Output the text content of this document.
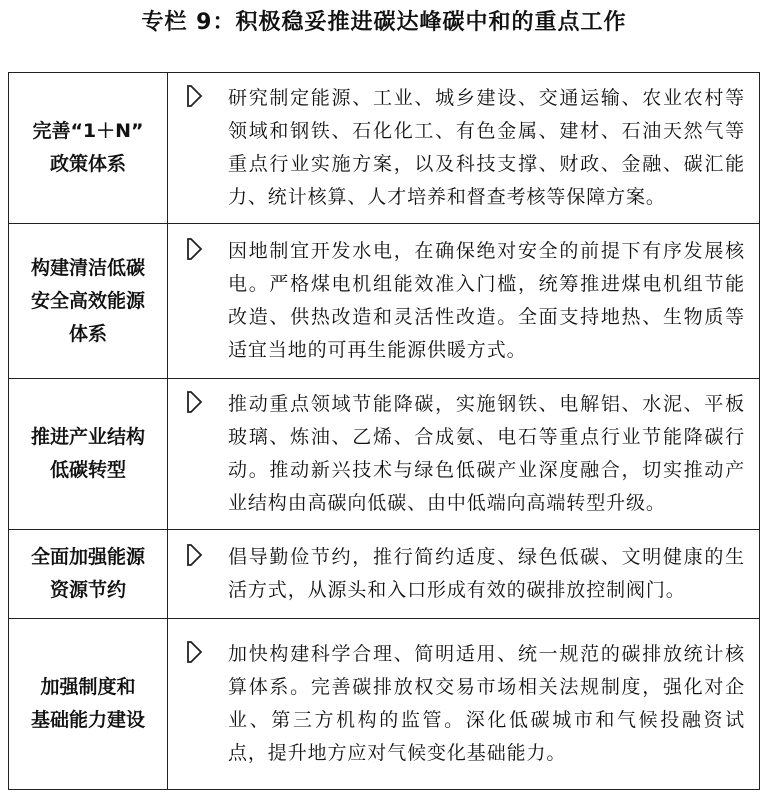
专栏 9：积极稳妥推进碳达峰碳中和的重点工作
完善“1＋N”
政策体系	研究制定能源、工业、城乡建设、交通运输、农业农村等领域和钢铁、石化化工、有色金属、建材、石油天然气等重点行业实施方案，以及科技支撑、财政、金融、碳汇能力、统计核算、人才培养和督查考核等保障方案。

构建清洁低碳
安全高效能源
体系	因地制宜开发水电，在确保绝对安全的前提下有序发展核电。严格煤电机组能效准入门槛，统筹推进煤电机组节能改造、供热改造和灵活性改造。全面支持地热、生物质等适宜当地的可再生能源供暖方式。

推进产业结构
低碳转型	推动重点领域节能降碳，实施钢铁、电解铝、水泥、平板玻璃、炼油、乙烯、合成氨、电石等重点行业节能降碳行动。推动新兴技术与绿色低碳产业深度融合，切实推动产业结构由高碳向低碳、由中低端向高端转型升级。

全面加强能源
资源节约	倡导勤俭节约，推行简约适度、绿色低碳、文明健康的生活方式，从源头和入口形成有效的碳排放控制阀门。

加强制度和
基础能力建设	加快构建科学合理、简明适用、统一规范的碳排放统计核算体系。完善碳排放权交易市场相关法规制度，强化对企业、第三方机构的监管。深化低碳城市和气候投融资试点，提升地方应对气候变化基础能力。
